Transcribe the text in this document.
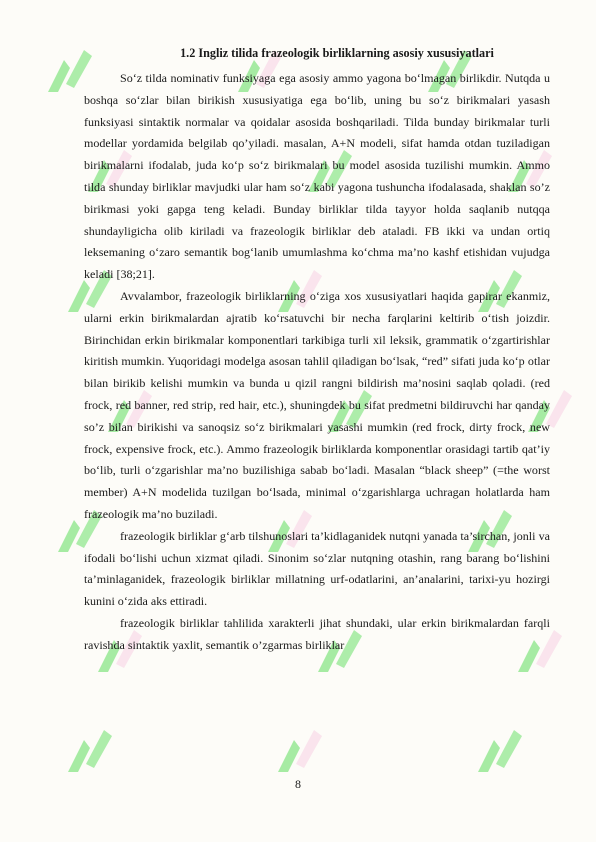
1.2 Ingliz tilida frazeologik birliklarning asosiy xususiyatlari

So‘z tilda nominativ funksiyaga ega asosiy ammo yagona bo‘lmagan birlikdir. Nutqda u boshqa so‘zlar bilan birikish xususiyatiga ega bo‘lib, uning bu so‘z birikmalari yasash funksiyasi sintaktik normalar va qoidalar asosida boshqariladi. Tilda bunday birikmalar turli modellar yordamida belgilab qo’yiladi. masalan, A+N modeli, sifat hamda otdan tuziladigan birikmalarni ifodalab, juda ko‘p so‘z birikmalari bu model asosida tuzilishi mumkin. Ammo tilda shunday birliklar mavjudki ular ham so‘z kabi yagona tushuncha ifodalasada, shaklan so’z birikmasi yoki gapga teng keladi. Bunday birliklar tilda tayyor holda saqlanib nutqqa shundayligicha olib kiriladi va frazeologik birliklar deb ataladi. FB ikki va undan ortiq leksemaning o‘zaro semantik bog‘lanib umumlashma ko‘chma ma’no kashf etishidan vujudga keladi [38;21].

Avvalambor, frazeologik birliklarning o‘ziga xos xususiyatlari haqida gapirar ekanmiz, ularni erkin birikmalardan ajratib ko‘rsatuvchi bir necha farqlarini keltirib o‘tish joizdir. Birinchidan erkin birikmalar komponentlari tarkibiga turli xil leksik, grammatik o‘zgartirishlar kiritish mumkin. Yuqoridagi modelga asosan tahlil qiladigan bo‘lsak, “red” sifati juda ko‘p otlar bilan birikib kelishi mumkin va bunda u qizil rangni bildirish ma’nosini saqlab qoladi. (red frock, red banner, red strip, red hair, etc.), shuningdek bu sifat predmetni bildiruvchi har qanday so’z bilan birikishi va sanoqsiz so‘z birikmalari yasashi mumkin (red frock, dirty frock, new frock, expensive frock, etc.). Ammo frazeologik birliklarda komponentlar orasidagi tartib qat’iy bo‘lib, turli o‘zgarishlar ma’no buzilishiga sabab bo‘ladi. Masalan “black sheep” (=the worst member) A+N modelida tuzilgan bo‘lsada, minimal o‘zgarishlarga uchragan holatlarda ham frazeologik ma’no buziladi.

frazeologik birliklar g‘arb tilshunoslari ta’kidlaganidek nutqni yanada ta’sirchan, jonli va ifodali bo‘lishi uchun xizmat qiladi. Sinonim so‘zlar nutqning otashin, rang barang bo‘lishini ta’minlaganidek, frazeologik birliklar millatning urf-odatlarini, an’analarini, tarixi-yu hozirgi kunini o‘zida aks ettiradi.

frazeologik birliklar tahlilida xarakterli jihat shundaki, ular erkin birikmalardan farqli ravishda sintaktik yaxlit, semantik o’zgarmas birliklar

8
